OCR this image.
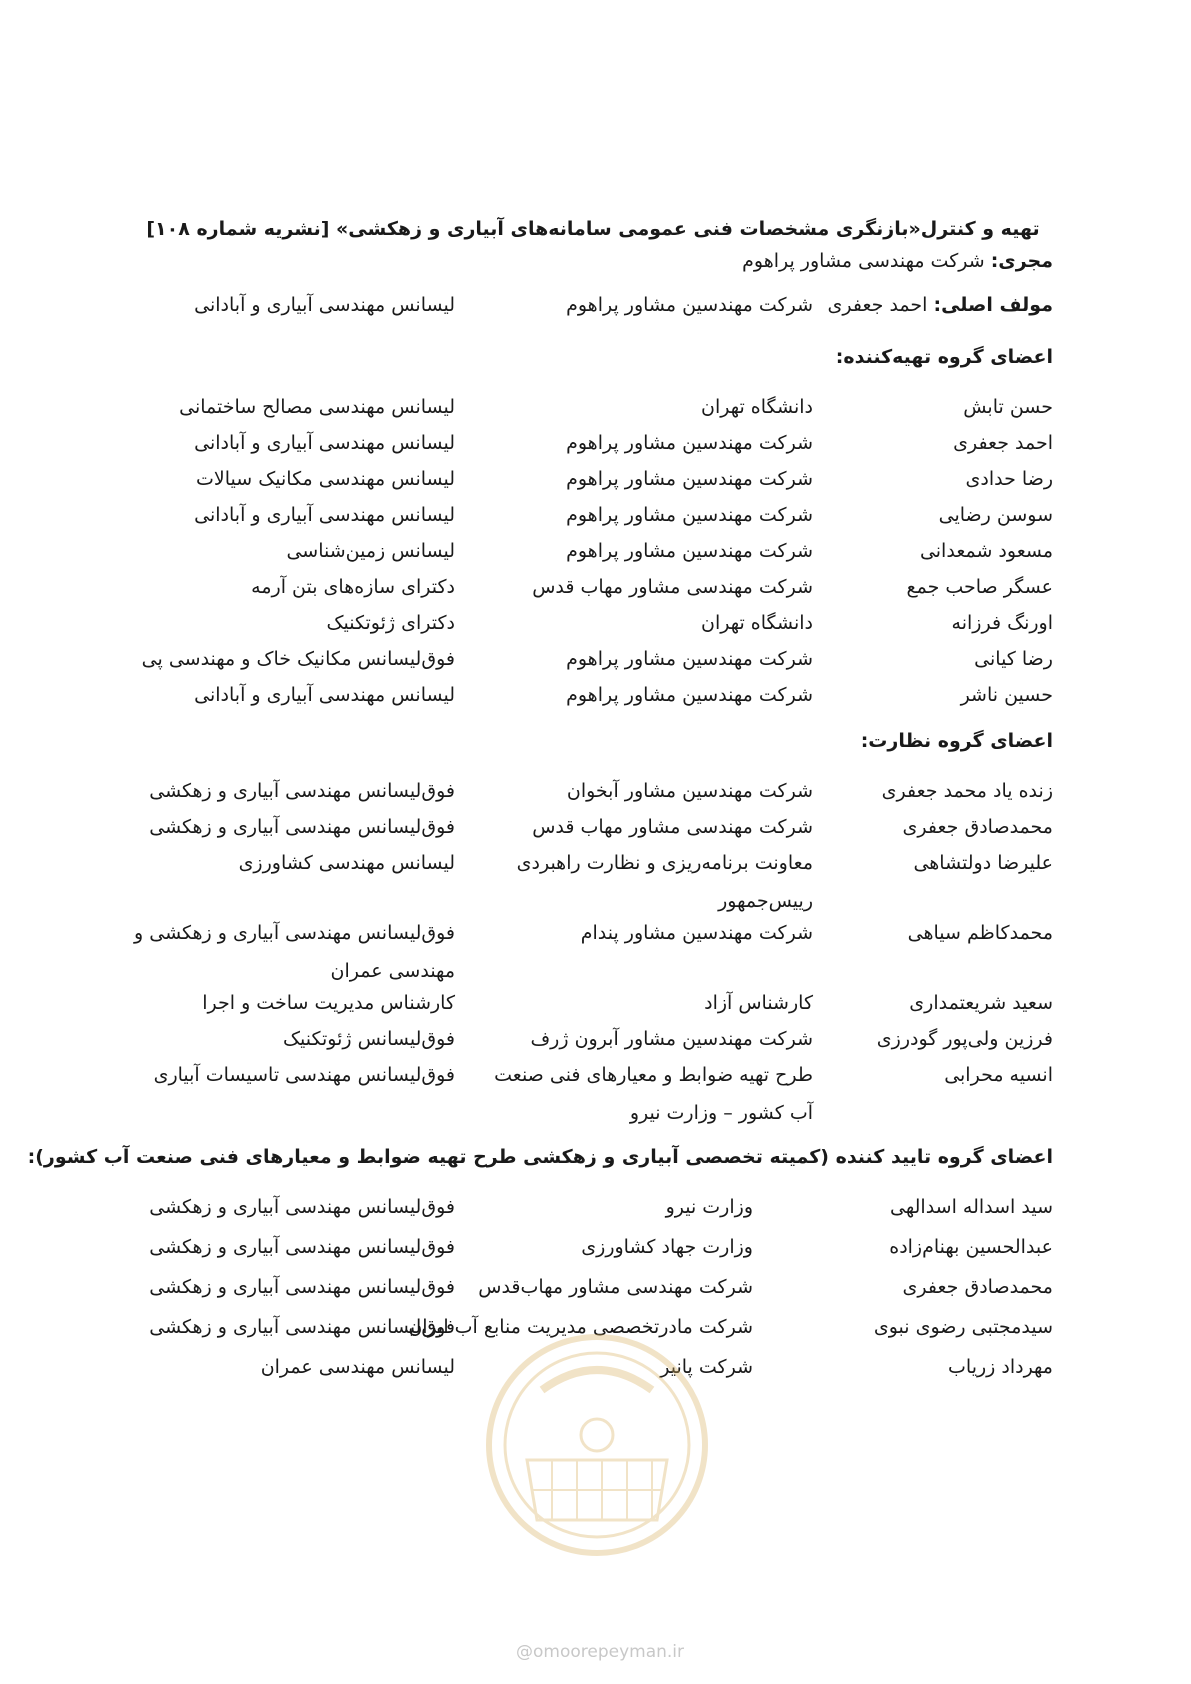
تهیه و کنترل«بازنگری مشخصات فنی عمومی سامانه‌های آبیاری و زهکشی» [نشریه شماره ۱۰۸]
مجری: شرکت مهندسی مشاور پراهوم
مولف اصلی: احمد جعفری
شرکت مهندسین مشاور پراهوم
لیسانس مهندسی آبیاری و آبادانی
اعضای گروه تهیه‌کننده:
حسن تابش
دانشگاه تهران
لیسانس مهندسی مصالح ساختمانی
احمد جعفری
شرکت مهندسین مشاور پراهوم
لیسانس مهندسی آبیاری و آبادانی
رضا حدادی
شرکت مهندسین مشاور پراهوم
لیسانس مهندسی مکانیک سیالات
سوسن رضایی
شرکت مهندسین مشاور پراهوم
لیسانس مهندسی آبیاری و آبادانی
مسعود شمعدانی
شرکت مهندسین مشاور پراهوم
لیسانس زمین‌شناسی
عسگر صاحب جمع
شرکت مهندسی مشاور مهاب قدس
دکترای سازه‌های بتن آرمه
اورنگ فرزانه
دانشگاه تهران
دکترای ژئوتکنیک
رضا کیانی
شرکت مهندسین مشاور پراهوم
فوق‌لیسانس مکانیک خاک و مهندسی پی
حسین ناشر
شرکت مهندسین مشاور پراهوم
لیسانس مهندسی آبیاری و آبادانی
اعضای گروه نظارت:
زنده یاد محمد جعفری
شرکت مهندسین مشاور آبخوان
فوق‌لیسانس مهندسی آبیاری و زهکشی
محمدصادق جعفری
شرکت مهندسی مشاور مهاب قدس
فوق‌لیسانس مهندسی آبیاری و زهکشی
علیرضا دولتشاهی
معاونت برنامه‌ریزی و نظارت راهبردی رییس‌جمهور
لیسانس مهندسی کشاورزی
محمدکاظم سیاهی
شرکت مهندسین مشاور پندام
فوق‌لیسانس مهندسی آبیاری و زهکشی و مهندسی عمران
سعید شریعتمداری
کارشناس آزاد
کارشناس مدیریت ساخت و اجرا
فرزین ولی‌پور گودرزی
شرکت مهندسین مشاور آبرون ژرف
فوق‌لیسانس ژئوتکنیک
انسیه محرابی
طرح تهیه ضوابط و معیارهای فنی صنعت آب کشور – وزارت نیرو
فوق‌لیسانس مهندسی تاسیسات آبیاری
اعضای گروه تایید کننده (کمیته تخصصی آبیاری و زهکشی طرح تهیه ضوابط و معیارهای فنی صنعت آب کشور):
سید اسداله اسدالهی
وزارت نیرو
فوق‌لیسانس مهندسی آبیاری و زهکشی
عبدالحسین بهنام‌زاده
وزارت جهاد کشاورزی
فوق‌لیسانس مهندسی آبیاری و زهکشی
محمدصادق جعفری
شرکت مهندسی مشاور مهاب‌قدس
فوق‌لیسانس مهندسی آبیاری و زهکشی
سیدمجتبی رضوی نبوی
شرکت مادرتخصصی مدیریت منابع آب ایران
فوق‌لیسانس مهندسی آبیاری و زهکشی
مهرداد زریاب
شرکت پانیر
لیسانس مهندسی عمران
@omoorepeyman.ir
